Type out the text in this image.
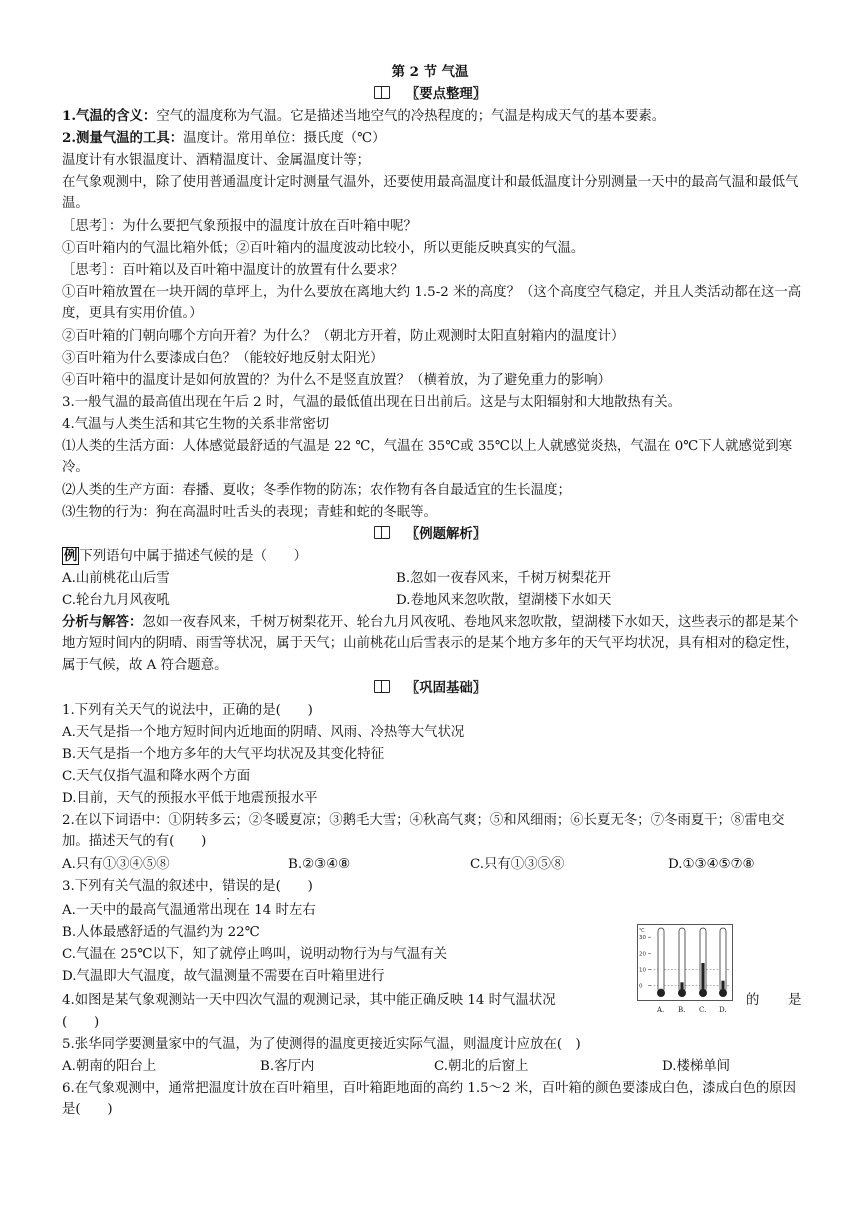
第 2 节 气温
〖要点整理〗
1.气温的含义：空气的温度称为气温。它是描述当地空气的冷热程度的；气温是构成天气的基本要素。
2.测量气温的工具：温度计。常用单位：摄氏度（℃）
温度计有水银温度计、酒精温度计、金属温度计等；
在气象观测中，除了使用普通温度计定时测量气温外，还要使用最高温度计和最低温度计分别测量一天中的最高气温和最低气温。
［思考］：为什么要把气象预报中的温度计放在百叶箱中呢？
①百叶箱内的气温比箱外低；②百叶箱内的温度波动比较小，所以更能反映真实的气温。
［思考］：百叶箱以及百叶箱中温度计的放置有什么要求？
①百叶箱放置在一块开阔的草坪上，为什么要放在离地大约 1.5-2 米的高度？（这个高度空气稳定，并且人类活动都在这一高度，更具有实用价值。）
②百叶箱的门朝向哪个方向开着？为什么？（朝北方开着，防止观测时太阳直射箱内的温度计）
③百叶箱为什么要漆成白色？（能较好地反射太阳光）
④百叶箱中的温度计是如何放置的？为什么不是竖直放置？（横着放，为了避免重力的影响）
3.一般气温的最高值出现在午后 2 时，气温的最低值出现在日出前后。这是与太阳辐射和大地散热有关。
4.气温与人类生活和其它生物的关系非常密切
⑴人类的生活方面：人体感觉最舒适的气温是 22 ℃，气温在 35℃或 35℃以上人就感觉炎热，气温在 0℃下人就感觉到寒冷。
⑵人类的生产方面：春播、夏收；冬季作物的防冻；农作物有各自最适宜的生长温度；
⑶生物的行为：狗在高温时吐舌头的表现；青蛙和蛇的冬眠等。
〖例题解析〗
例 下列语句中属于描述气候的是（　　）
A.山前桃花山后雪	B.忽如一夜春风来，千树万树梨花开
C.轮台九月风夜吼	D.卷地风来忽吹散，望湖楼下水如天
分析与解答：忽如一夜春风来，千树万树梨花开、轮台九月风夜吼、卷地风来忽吹散，望湖楼下水如天，这些表示的都是某个地方短时间内的阴晴、雨雪等状况，属于天气；山前桃花山后雪表示的是某个地方多年的天气平均状况，具有相对的稳定性，属于气候，故 A 符合题意。
〖巩固基础〗
1.下列有关天气的说法中，正确的是(　　)
A.天气是指一个地方短时间内近地面的阴晴、风雨、冷热等大气状况
B.天气是指一个地方多年的大气平均状况及其变化特征
C.天气仅指气温和降水两个方面
D.目前，天气的预报水平低于地震预报水平
2.在以下词语中：①阴转多云；②冬暖夏凉；③鹅毛大雪；④秋高气爽；⑤和风细雨；⑥长夏无冬；⑦冬雨夏干；⑧雷电交加。描述天气的有(　　)
A.只有①③④⑤⑧	B.②③④⑧	C.只有①③⑤⑧	D.①③④⑤⑦⑧
3.下列有关气温的叙述中，错误的是(　　)
A.一天中的最高气温通常出现在 14 时左右
B.人体最感舒适的气温约为 22℃
C.气温在 25℃以下，知了就停止鸣叫，说明动物行为与气温有关
D.气温即大气温度，故气温测量不需要在百叶箱里进行
4.如图是某气象观测站一天中四次气温的观测记录，其中能正确反映 14 时气温状况	的 是
(　　)
5.张华同学要测量家中的气温，为了使测得的温度更接近实际气温，则温度计应放在(　)
A.朝南的阳台上	B.客厅内	C.朝北的后窗上	D.楼梯单间
6.在气象观测中，通常把温度计放在百叶箱里，百叶箱距地面的高约 1.5～2 米，百叶箱的颜色要漆成白色，漆成白色的原因是(　　)
℃
30
20
10
0
A. B. C. D.
